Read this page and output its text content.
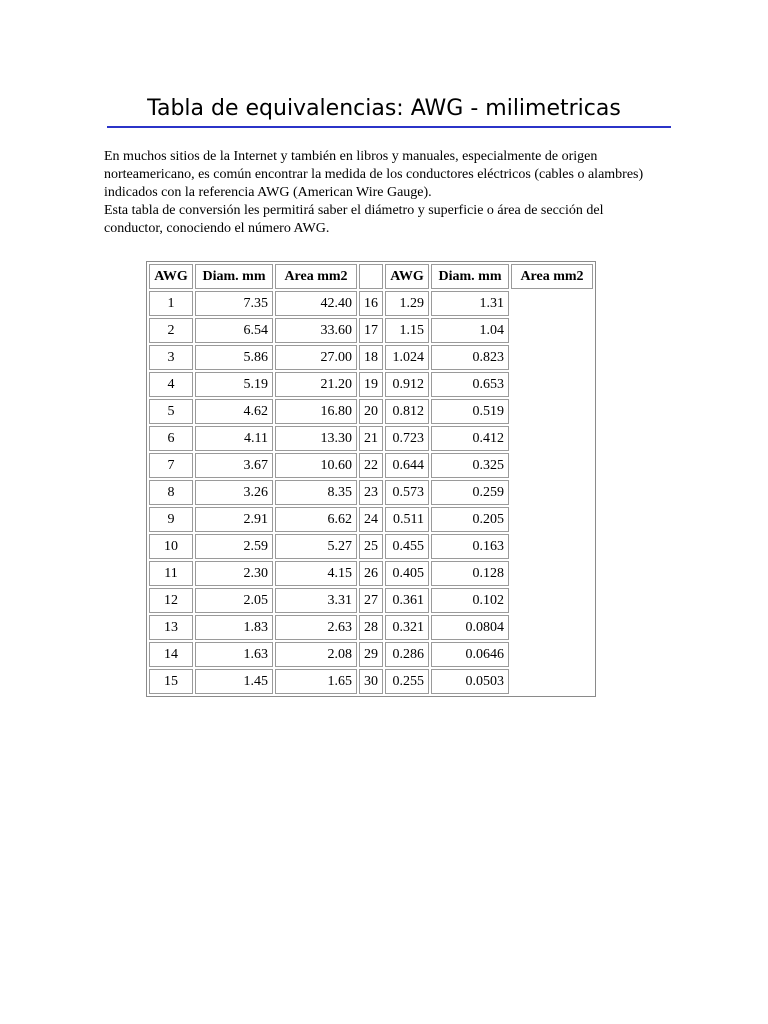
Tabla de equivalencias: AWG - milimetricas

En muchos sitios de la Internet y también en libros y manuales, especialmente de origen norteamericano, es común encontrar la medida de los conductores eléctricos (cables o alambres) indicados con la referencia AWG (American Wire Gauge).

Esta tabla de conversión les permitirá saber el diámetro y superficie o área de sección del conductor, conociendo el número AWG.

AWG	Diam. mm	Area mm2		AWG	Diam. mm	Area mm2
1	7.35	42.40	16	1.29	1.31	
2	6.54	33.60	17	1.15	1.04	
3	5.86	27.00	18	1.024	0.823	
4	5.19	21.20	19	0.912	0.653	
5	4.62	16.80	20	0.812	0.519	
6	4.11	13.30	21	0.723	0.412	
7	3.67	10.60	22	0.644	0.325	
8	3.26	8.35	23	0.573	0.259	
9	2.91	6.62	24	0.511	0.205	
10	2.59	5.27	25	0.455	0.163	
11	2.30	4.15	26	0.405	0.128	
12	2.05	3.31	27	0.361	0.102	
13	1.83	2.63	28	0.321	0.0804	
14	1.63	2.08	29	0.286	0.0646	
15	1.45	1.65	30	0.255	0.0503	
